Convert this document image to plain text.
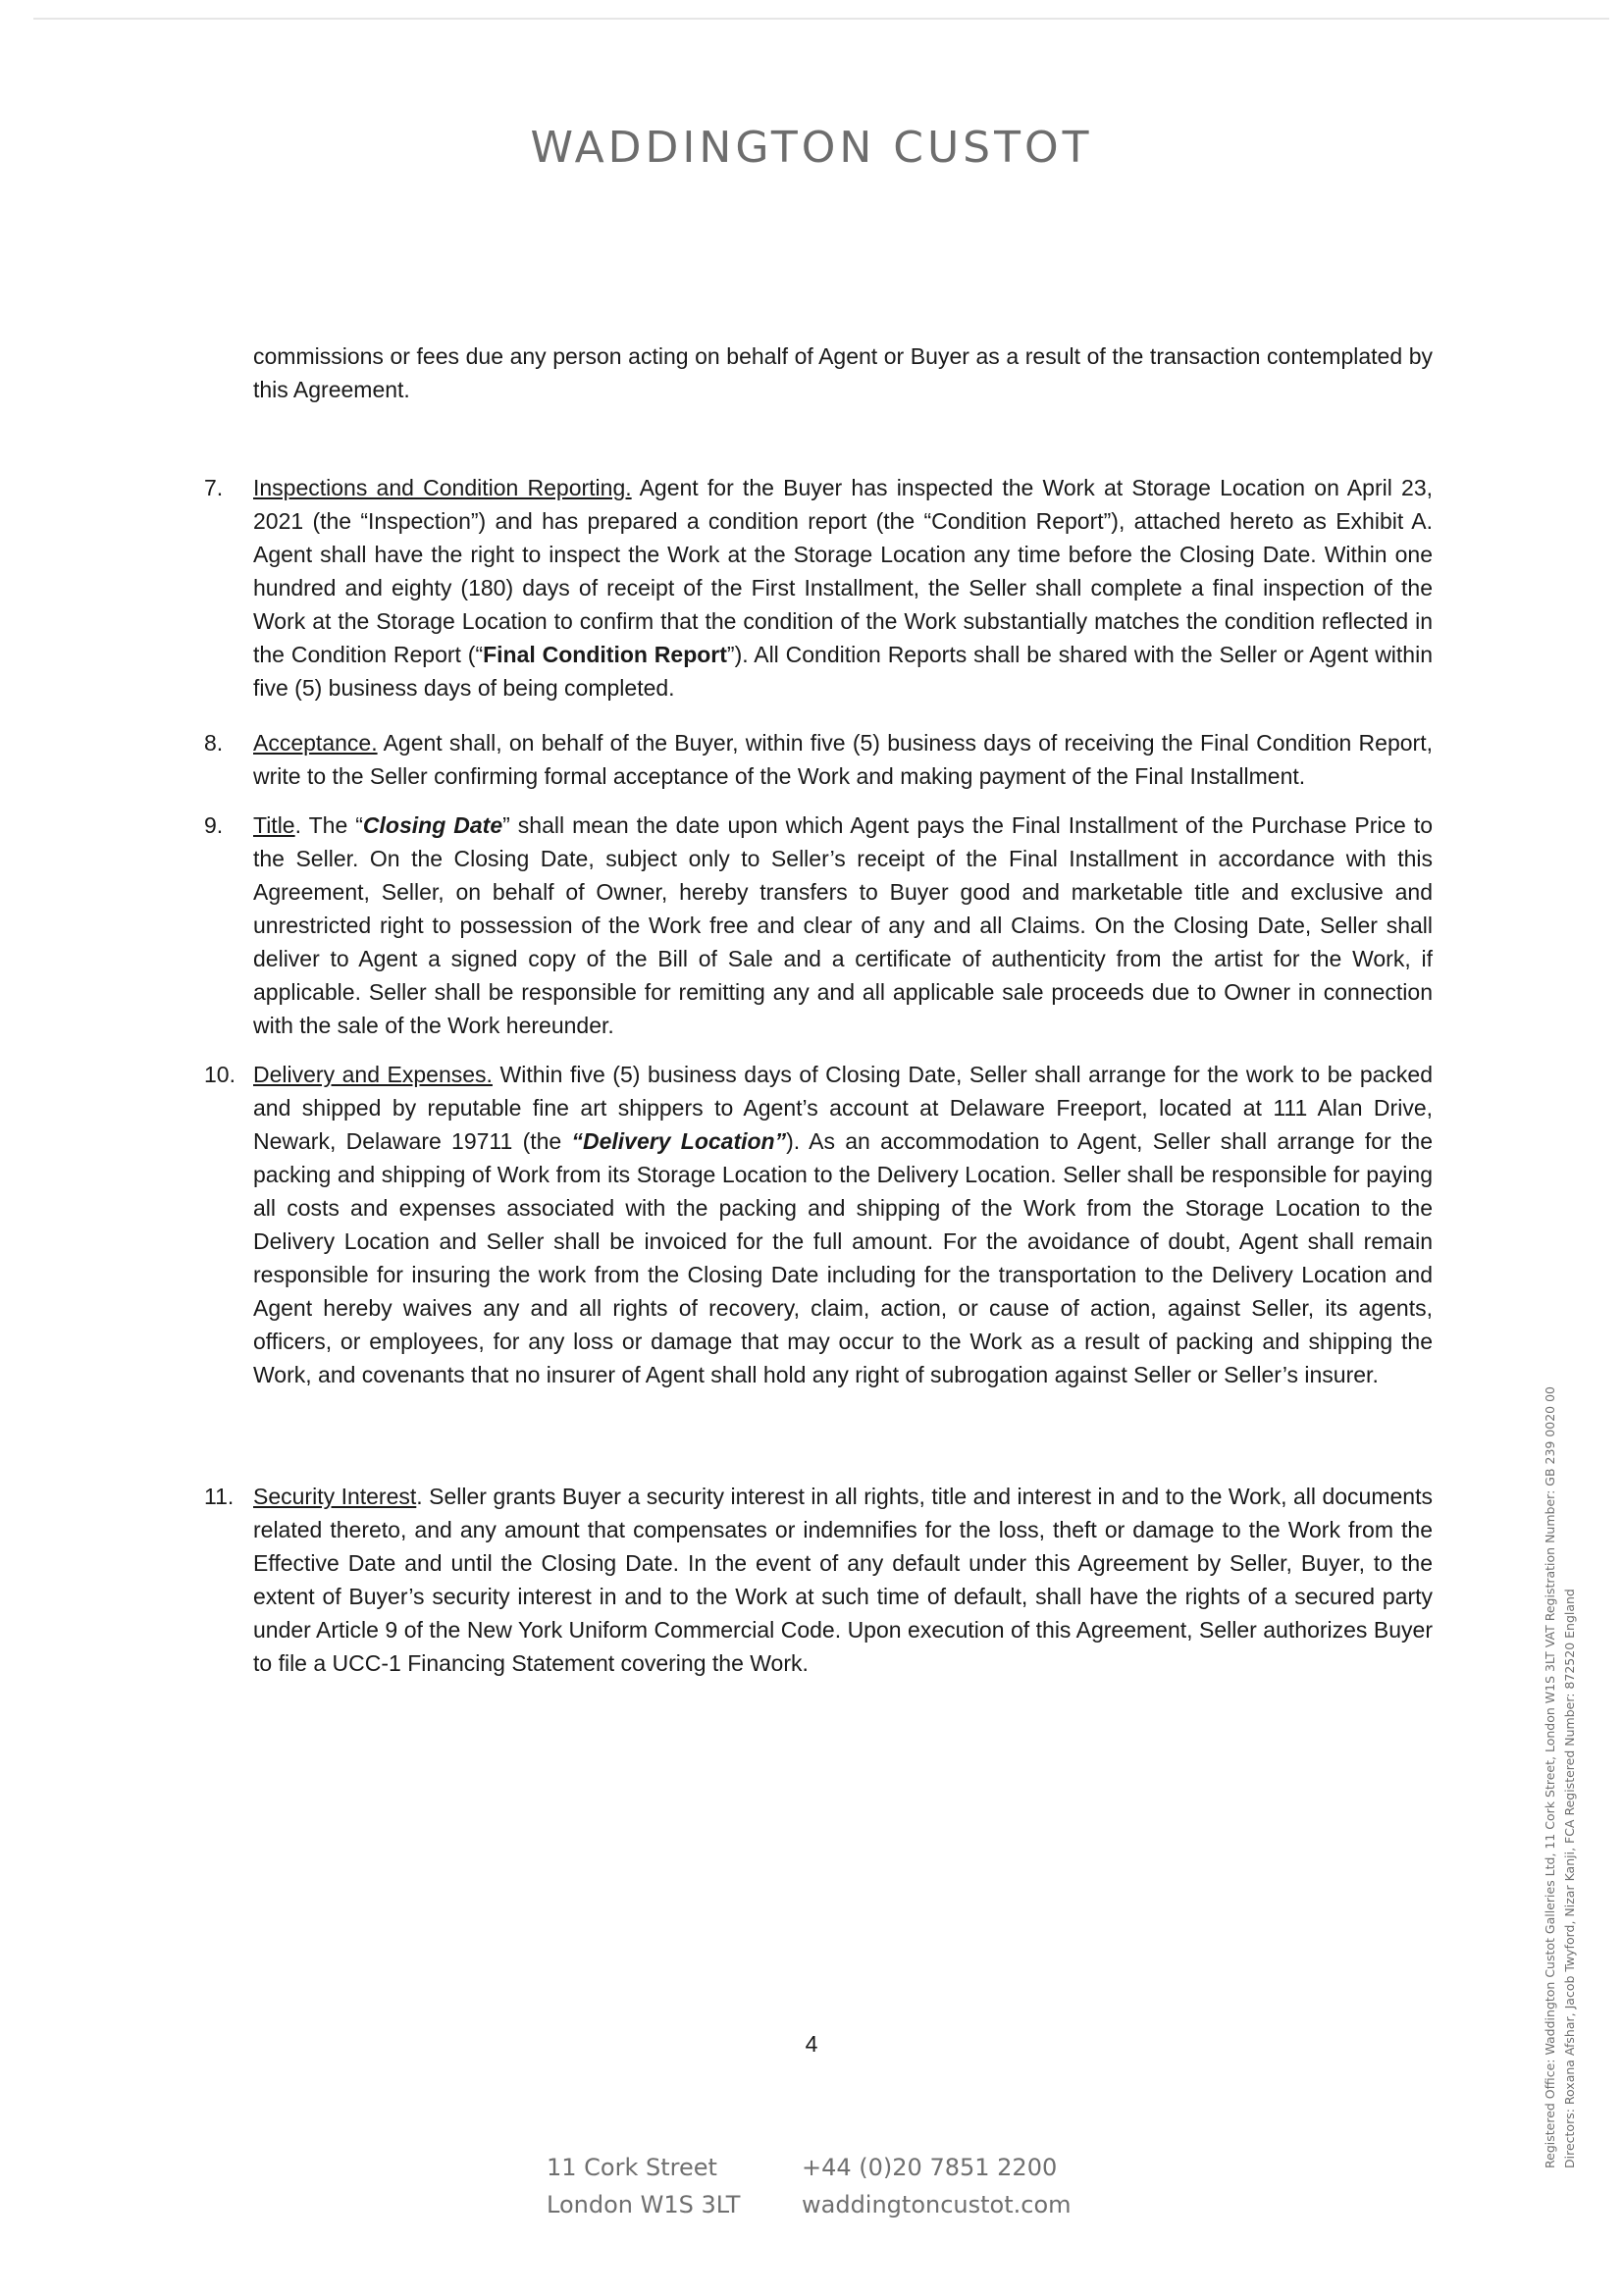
WADDINGTON CUSTOT

commissions or fees due any person acting on behalf of Agent or Buyer as a result of the transaction contemplated by this Agreement.

7.	Inspections and Condition Reporting. Agent for the Buyer has inspected the Work at Storage Location on April 23, 2021 (the “Inspection”) and has prepared a condition report (the “Condition Report”), attached hereto as Exhibit A. Agent shall have the right to inspect the Work at the Storage Location any time before the Closing Date. Within one hundred and eighty (180) days of receipt of the First Installment, the Seller shall complete a final inspection of the Work at the Storage Location to confirm that the condition of the Work substantially matches the condition reflected in the Condition Report (“Final Condition Report”). All Condition Reports shall be shared with the Seller or Agent within five (5) business days of being completed.

8.	Acceptance. Agent shall, on behalf of the Buyer, within five (5) business days of receiving the Final Condition Report, write to the Seller confirming formal acceptance of the Work and making payment of the Final Installment.

9.	Title. The “Closing Date” shall mean the date upon which Agent pays the Final Installment of the Purchase Price to the Seller. On the Closing Date, subject only to Seller’s receipt of the Final Installment in accordance with this Agreement, Seller, on behalf of Owner, hereby transfers to Buyer good and marketable title and exclusive and unrestricted right to possession of the Work free and clear of any and all Claims. On the Closing Date, Seller shall deliver to Agent a signed copy of the Bill of Sale and a certificate of authenticity from the artist for the Work, if applicable. Seller shall be responsible for remitting any and all applicable sale proceeds due to Owner in connection with the sale of the Work hereunder.

10. Delivery and Expenses. Within five (5) business days of Closing Date, Seller shall arrange for the work to be packed and shipped by reputable fine art shippers to Agent’s account at Delaware Freeport, located at 111 Alan Drive, Newark, Delaware 19711 (the “Delivery Location”). As an accommodation to Agent, Seller shall arrange for the packing and shipping of Work from its Storage Location to the Delivery Location. Seller shall be responsible for paying all costs and expenses associated with the packing and shipping of the Work from the Storage Location to the Delivery Location and Seller shall be invoiced for the full amount. For the avoidance of doubt, Agent shall remain responsible for insuring the work from the Closing Date including for the transportation to the Delivery Location and Agent hereby waives any and all rights of recovery, claim, action, or cause of action, against Seller, its agents, officers, or employees, for any loss or damage that may occur to the Work as a result of packing and shipping the Work, and covenants that no insurer of Agent shall hold any right of subrogation against Seller or Seller’s insurer.

11. Security Interest. Seller grants Buyer a security interest in all rights, title and interest in and to the Work, all documents related thereto, and any amount that compensates or indemnifies for the loss, theft or damage to the Work from the Effective Date and until the Closing Date. In the event of any default under this Agreement by Seller, Buyer, to the extent of Buyer’s security interest in and to the Work at such time of default, shall have the rights of a secured party under Article 9 of the New York Uniform Commercial Code. Upon execution of this Agreement, Seller authorizes Buyer to file a UCC-1 Financing Statement covering the Work.

4
11 Cork Street
London W1S 3LT
+44 (0)20 7851 2200
waddingtoncustot.com
Registered Office: Waddington Custot Galleries Ltd, 11 Cork Street, London W1S 3LT VAT Registration Number: GB 239 0020 00 Directors: Roxana Afshar, Jacob Twyford, Nizar Kanji, FCA Registered Number: 872520 England
